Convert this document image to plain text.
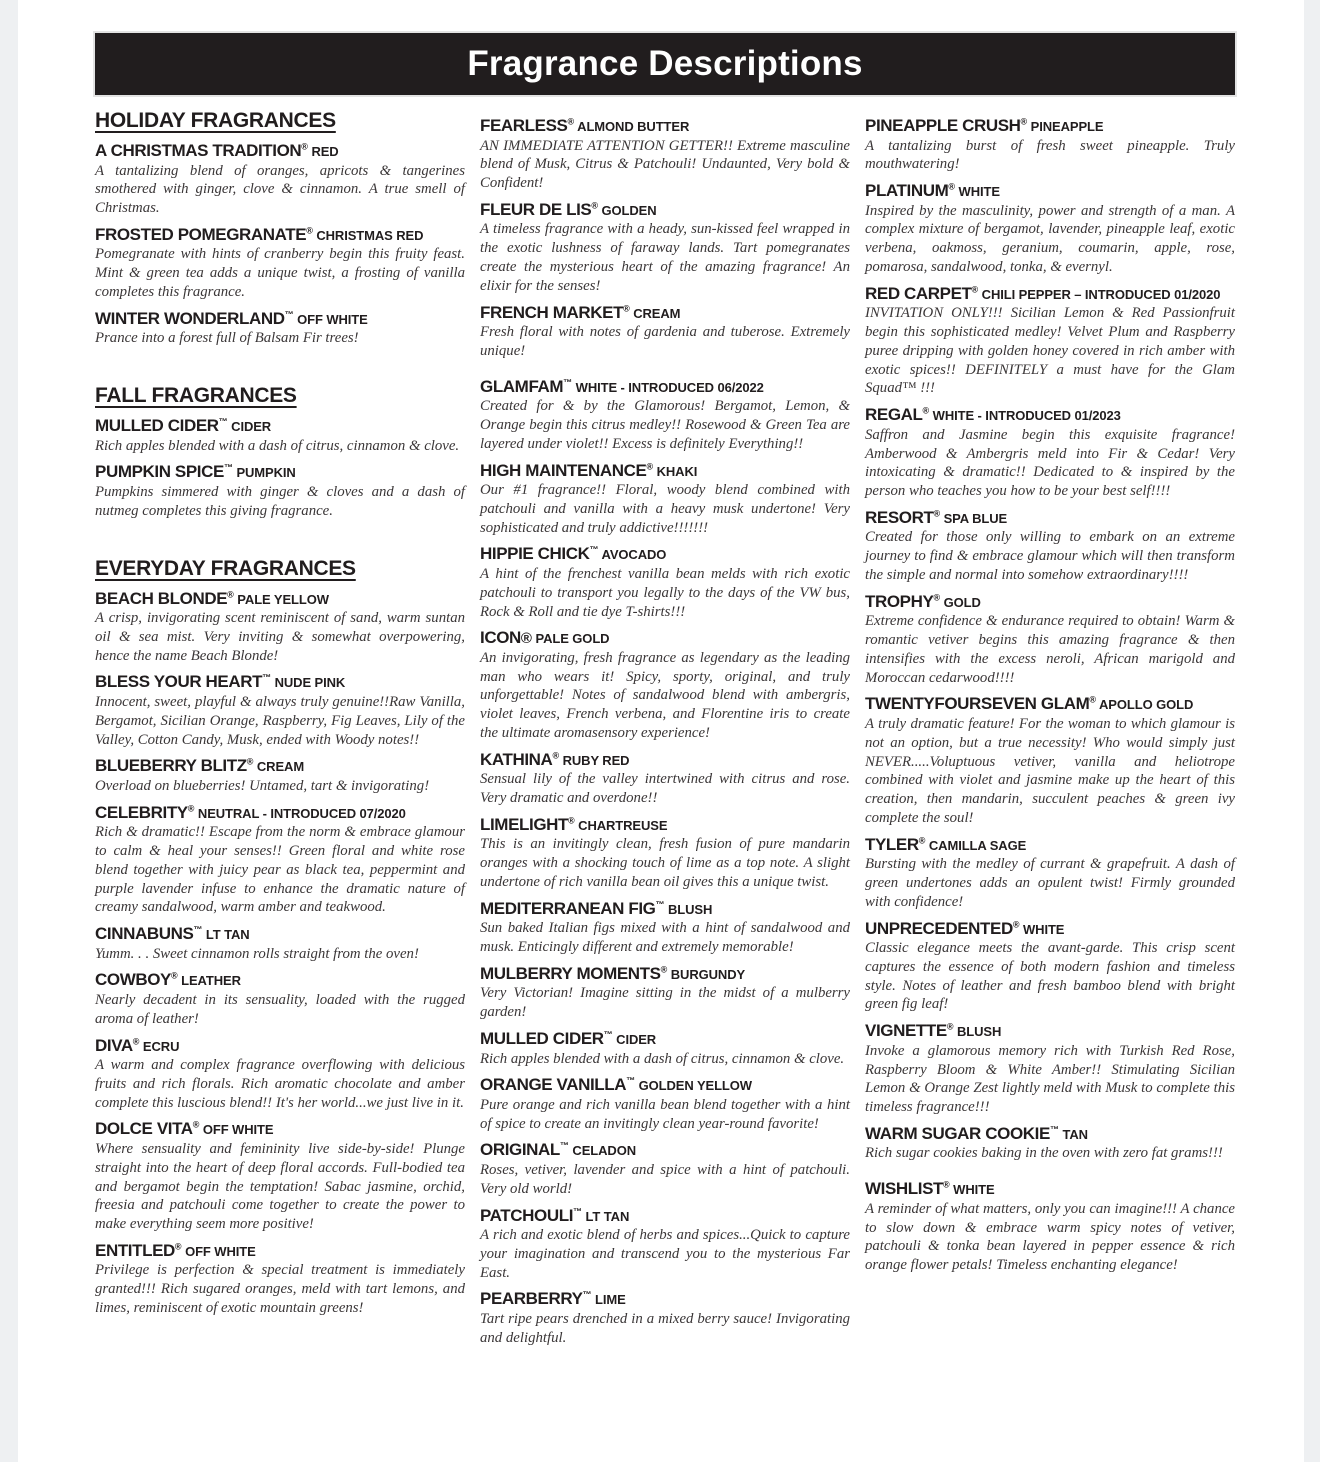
Fragrance Descriptions
HOLIDAY FRAGRANCES
A CHRISTMAS TRADITION® RED

A tantalizing blend of oranges, apricots & tangerines smothered with ginger, clove & cinnamon. A true smell of Christmas.

FROSTED POMEGRANATE® CHRISTMAS RED

Pomegranate with hints of cranberry begin this fruity feast. Mint & green tea adds a unique twist, a frosting of vanilla completes this fragrance.

WINTER WONDERLAND™ OFF WHITE

Prance into a forest full of Balsam Fir trees!

FALL FRAGRANCES
MULLED CIDER™ CIDER

Rich apples blended with a dash of citrus, cinnamon & clove.

PUMPKIN SPICE™ PUMPKIN

Pumpkins simmered with ginger & cloves and a dash of nutmeg completes this giving fragrance.

EVERYDAY FRAGRANCES
BEACH BLONDE® PALE YELLOW

A crisp, invigorating scent reminiscent of sand, warm suntan oil & sea mist. Very inviting & somewhat overpowering, hence the name Beach Blonde!

BLESS YOUR HEART™ NUDE PINK

Innocent, sweet, playful & always truly genuine!!Raw Vanilla, Bergamot, Sicilian Orange, Raspberry, Fig Leaves, Lily of the Valley, Cotton Candy, Musk, ended with Woody notes!!

BLUEBERRY BLITZ® CREAM

Overload on blueberries! Untamed, tart & invigorating!

CELEBRITY® NEUTRAL - INTRODUCED 07/2020

Rich & dramatic!! Escape from the norm & embrace glamour to calm & heal your senses!! Green floral and white rose blend together with juicy pear as black tea, peppermint and purple lavender infuse to enhance the dramatic nature of creamy sandalwood, warm amber and teakwood.

CINNABUNS™ LT TAN

Yumm. . . Sweet cinnamon rolls straight from the oven!

COWBOY® LEATHER

Nearly decadent in its sensuality, loaded with the rugged aroma of leather!

DIVA® ECRU

A warm and complex fragrance overflowing with delicious fruits and rich florals. Rich aromatic chocolate and amber complete this luscious blend!! It's her world...we just live in it.

DOLCE VITA® OFF WHITE

Where sensuality and femininity live side-by-side! Plunge straight into the heart of deep floral accords. Full-bodied tea and bergamot begin the temptation! Sabac jasmine, orchid, freesia and patchouli come together to create the power to make everything seem more positive!

ENTITLED® OFF WHITE

Privilege is perfection & special treatment is immediately granted!!! Rich sugared oranges, meld with tart lemons, and limes, reminiscent of exotic mountain greens!

FEARLESS® ALMOND BUTTER

AN IMMEDIATE ATTENTION GETTER!! Extreme masculine blend of Musk, Citrus & Patchouli! Undaunted, Very bold & Confident!

FLEUR DE LIS® GOLDEN

A timeless fragrance with a heady, sun-kissed feel wrapped in the exotic lushness of faraway lands. Tart pomegranates create the mysterious heart of the amazing fragrance! An elixir for the senses!

FRENCH MARKET® CREAM

Fresh floral with notes of gardenia and tuberose. Extremely unique!

GLAMFAM™ WHITE - INTRODUCED 06/2022

Created for & by the Glamorous! Bergamot, Lemon, & Orange begin this citrus medley!! Rosewood & Green Tea are layered under violet!! Excess is definitely Everything!!

HIGH MAINTENANCE® KHAKI

Our #1 fragrance!! Floral, woody blend combined with patchouli and vanilla with a heavy musk undertone! Very sophisticated and truly addictive!!!!!!!

HIPPIE CHICK™ AVOCADO

A hint of the frenchest vanilla bean melds with rich exotic patchouli to transport you legally to the days of the VW bus, Rock & Roll and tie dye T-shirts!!!

ICON® PALE GOLD

An invigorating, fresh fragrance as legendary as the leading man who wears it! Spicy, sporty, original, and truly unforgettable! Notes of sandalwood blend with ambergris, violet leaves, French verbena, and Florentine iris to create the ultimate aromasensory experience!

KATHINA® RUBY RED

Sensual lily of the valley intertwined with citrus and rose. Very dramatic and overdone!!

LIMELIGHT® CHARTREUSE

This is an invitingly clean, fresh fusion of pure mandarin oranges with a shocking touch of lime as a top note. A slight undertone of rich vanilla bean oil gives this a unique twist.

MEDITERRANEAN FIG™ BLUSH

Sun baked Italian figs mixed with a hint of sandalwood and musk. Enticingly different and extremely memorable!

MULBERRY MOMENTS® BURGUNDY

Very Victorian! Imagine sitting in the midst of a mulberry garden!

MULLED CIDER™ CIDER

Rich apples blended with a dash of citrus, cinnamon & clove.

ORANGE VANILLA™ GOLDEN YELLOW

Pure orange and rich vanilla bean blend together with a hint of spice to create an invitingly clean year-round favorite!

ORIGINAL™ CELADON

Roses, vetiver, lavender and spice with a hint of patchouli. Very old world!

PATCHOULI™ LT TAN

A rich and exotic blend of herbs and spices...Quick to capture your imagination and transcend you to the mysterious Far East.

PEARBERRY™ LIME

Tart ripe pears drenched in a mixed berry sauce! Invigorating and delightful.

PINEAPPLE CRUSH® PINEAPPLE

A tantalizing burst of fresh sweet pineapple. Truly mouthwatering!

PLATINUM® WHITE

Inspired by the masculinity, power and strength of a man. A complex mixture of bergamot, lavender, pineapple leaf, exotic verbena, oakmoss, geranium, coumarin, apple, rose, pomarosa, sandalwood, tonka, & evernyl.

RED CARPET® CHILI PEPPER – INTRODUCED 01/2020

INVITATION ONLY!!! Sicilian Lemon & Red Passionfruit begin this sophisticated medley! Velvet Plum and Raspberry puree dripping with golden honey covered in rich amber with exotic spices!! DEFINITELY a must have for the Glam Squad™ !!!

REGAL® WHITE - INTRODUCED 01/2023

Saffron and Jasmine begin this exquisite fragrance! Amberwood & Ambergris meld into Fir & Cedar! Very intoxicating & dramatic!! Dedicated to & inspired by the person who teaches you how to be your best self!!!!

RESORT® SPA BLUE

Created for those only willing to embark on an extreme journey to find & embrace glamour which will then transform the simple and normal into somehow extraordinary!!!!

TROPHY® GOLD

Extreme confidence & endurance required to obtain! Warm & romantic vetiver begins this amazing fragrance & then intensifies with the excess neroli, African marigold and Moroccan cedarwood!!!!

TWENTYFOURSEVEN GLAM® APOLLO GOLD

A truly dramatic feature! For the woman to which glamour is not an option, but a true necessity! Who would simply just NEVER.....Voluptuous vetiver, vanilla and heliotrope combined with violet and jasmine make up the heart of this creation, then mandarin, succulent peaches & green ivy complete the soul!

TYLER® CAMILLA SAGE

Bursting with the medley of currant & grapefruit. A dash of green undertones adds an opulent twist! Firmly grounded with confidence!

UNPRECEDENTED® WHITE

Classic elegance meets the avant-garde. This crisp scent captures the essence of both modern fashion and timeless style. Notes of leather and fresh bamboo blend with bright green fig leaf!

VIGNETTE® BLUSH

Invoke a glamorous memory rich with Turkish Red Rose, Raspberry Bloom & White Amber!! Stimulating Sicilian Lemon & Orange Zest lightly meld with Musk to complete this timeless fragrance!!!

WARM SUGAR COOKIE™ TAN

Rich sugar cookies baking in the oven with zero fat grams!!!

WISHLIST® WHITE

A reminder of what matters, only you can imagine!!! A chance to slow down & embrace warm spicy notes of vetiver, patchouli & tonka bean layered in pepper essence & rich orange flower petals! Timeless enchanting elegance!
